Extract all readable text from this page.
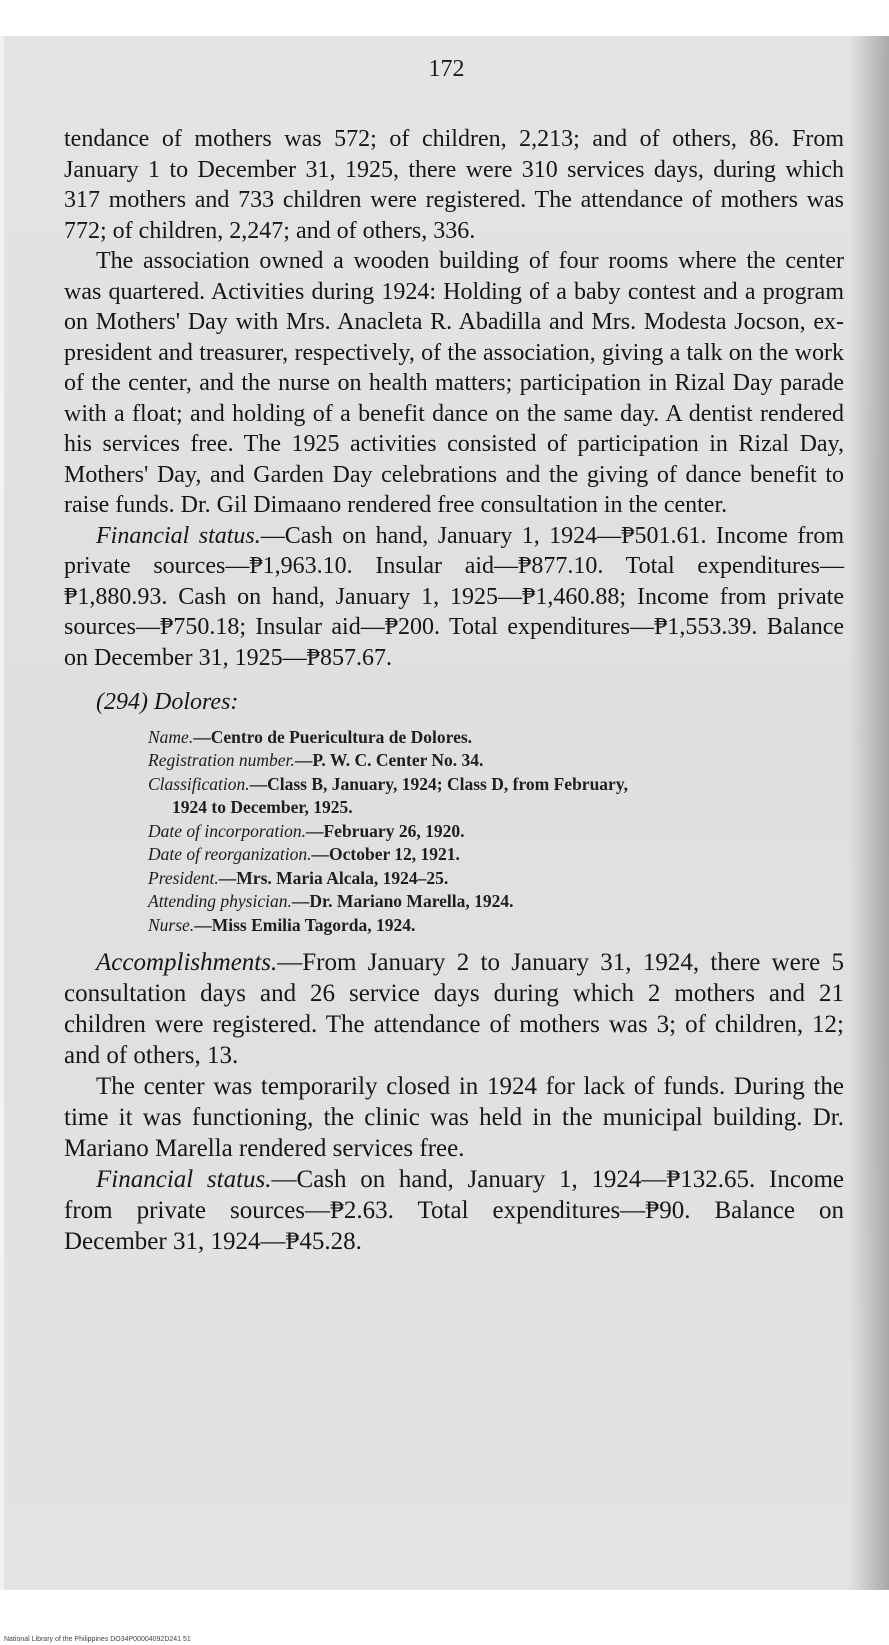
172

tendance of mothers was 572; of children, 2,213; and of others, 86. From January 1 to December 31, 1925, there were 310 services days, during which 317 mothers and 733 children were registered. The attendance of mothers was 772; of children, 2,247; and of others, 336.

The association owned a wooden building of four rooms where the center was quartered. Activities during 1924: Holding of a baby contest and a program on Mothers' Day with Mrs. Anacleta R. Abadilla and Mrs. Modesta Jocson, ex-president and treasurer, respectively, of the association, giving a talk on the work of the center, and the nurse on health matters; participation in Rizal Day parade with a float; and holding of a benefit dance on the same day. A dentist rendered his services free. The 1925 activities consisted of participation in Rizal Day, Mothers' Day, and Garden Day celebrations and the giving of dance benefit to raise funds. Dr. Gil Dimaano rendered free consultation in the center.

Financial status.—Cash on hand, January 1, 1924—₱501.61. Income from private sources—₱1,963.10. Insular aid—₱877.10. Total expenditures—₱1,880.93. Cash on hand, January 1, 1925—₱1,460.88; Income from private sources—₱750.18; Insular aid—₱200. Total expenditures—₱1,553.39. Balance on December 31, 1925—₱857.67.

(294) Dolores:

Name.—Centro de Puericultura de Dolores.

Registration number.—P. W. C. Center No. 34.

Classification.—Class B, January, 1924; Class D, from February,

1924 to December, 1925.

Date of incorporation.—February 26, 1920.

Date of reorganization.—October 12, 1921.

President.—Mrs. Maria Alcala, 1924–25.

Attending physician.—Dr. Mariano Marella, 1924.

Nurse.—Miss Emilia Tagorda, 1924.

Accomplishments.—From January 2 to January 31, 1924, there were 5 consultation days and 26 service days during which 2 mothers and 21 children were registered. The attendance of mothers was 3; of children, 12; and of others, 13.

The center was temporarily closed in 1924 for lack of funds. During the time it was functioning, the clinic was held in the municipal building. Dr. Mariano Marella rendered services free.

Financial status.—Cash on hand, January 1, 1924—₱132.65. Income from private sources—₱2.63. Total expenditures—₱90. Balance on December 31, 1924—₱45.28.

National Library of the Philippines DO34P00004092D241 51
